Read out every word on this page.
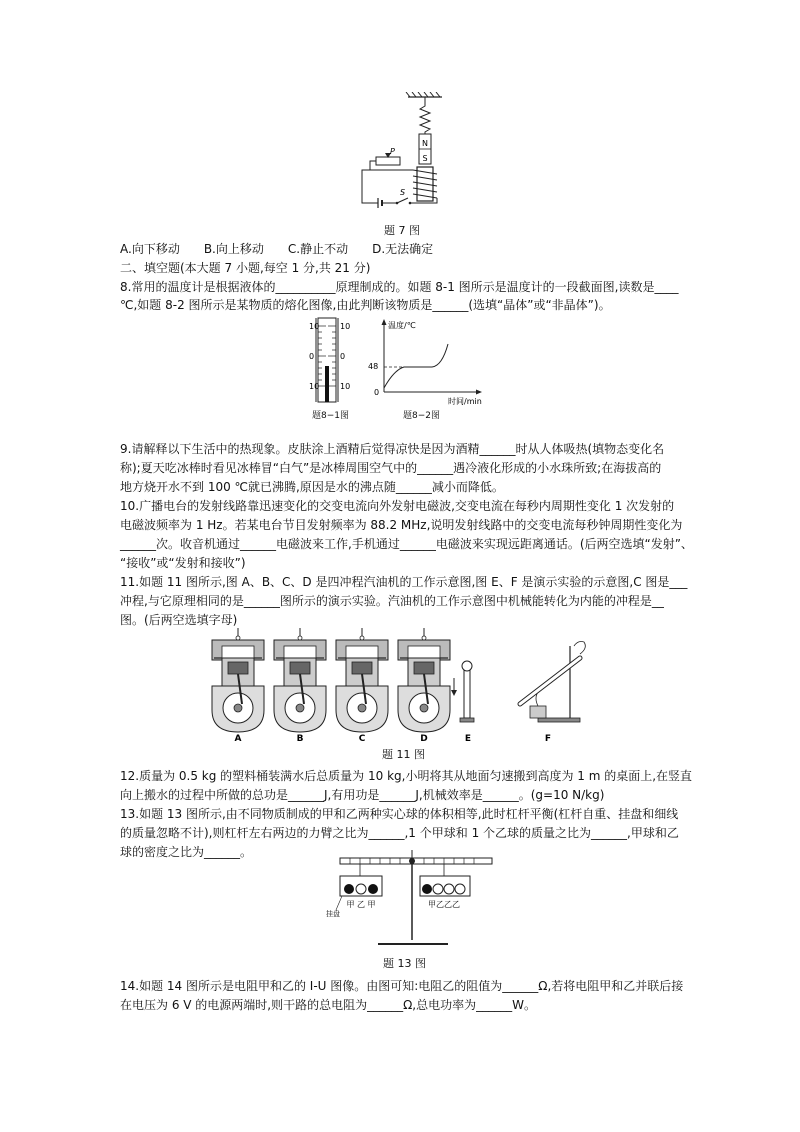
N
S
P
S
题 7 图
A.向下移动 B.向上移动 C.静止不动 D.无法确定
二、填空题(本大题 7 小题,每空 1 分,共 21 分)
8.常用的温度计是根据液体的__________原理制成的。如题 8-1 图所示是温度计的一段截面图,读数是____
℃,如题 8-2 图所示是某物质的熔化图像,由此判断该物质是______(选填“晶体”或“非晶体”)。
10
0
10
10
0
10
题8−1图
温度/℃
时间/min
48
0
题8−2图
9.请解释以下生活中的热现象。皮肤涂上酒精后觉得凉快是因为酒精______时从人体吸热(填物态变化名
称);夏天吃冰棒时看见冰棒冒“白气”是冰棒周围空气中的______遇冷液化形成的小水珠所致;在海拔高的
地方烧开水不到 100 ℃就已沸腾,原因是水的沸点随______减小而降低。
10.广播电台的发射线路靠迅速变化的交变电流向外发射电磁波,交变电流在每秒内周期性变化 1 次发射的
电磁波频率为 1 Hz。若某电台节目发射频率为 88.2 MHz,说明发射线路中的交变电流每秒钟周期性变化为
______次。收音机通过______电磁波来工作,手机通过______电磁波来实现远距离通话。(后两空选填“发射”、
“接收”或“发射和接收”)
11.如题 11 图所示,图 A、B、C、D 是四冲程汽油机的工作示意图,图 E、F 是演示实验的示意图,C 图是___
冲程,与它原理相同的是______图所示的演示实验。汽油机的工作示意图中机械能转化为内能的冲程是__
图。(后两空选填字母)
A	B	C	D	E	F
题 11 图
12.质量为 0.5 kg 的塑料桶装满水后总质量为 10 kg,小明将其从地面匀速搬到高度为 1 m 的桌面上,在竖直
向上搬水的过程中所做的总功是______J,有用功是______J,机械效率是______。(g=10 N/kg)
13.如题 13 图所示,由不同物质制成的甲和乙两种实心球的体积相等,此时杠杆平衡(杠杆自重、挂盘和细线
的质量忽略不计),则杠杆左右两边的力臂之比为______,1 个甲球和 1 个乙球的质量之比为______,甲球和乙
球的密度之比为______。
甲 乙 甲
挂盘
甲乙乙乙
题 13 图
14.如题 14 图所示是电阻甲和乙的 I-U 图像。由图可知:电阻乙的阻值为______Ω,若将电阻甲和乙并联后接
在电压为 6 V 的电源两端时,则干路的总电阻为______Ω,总电功率为______W。
